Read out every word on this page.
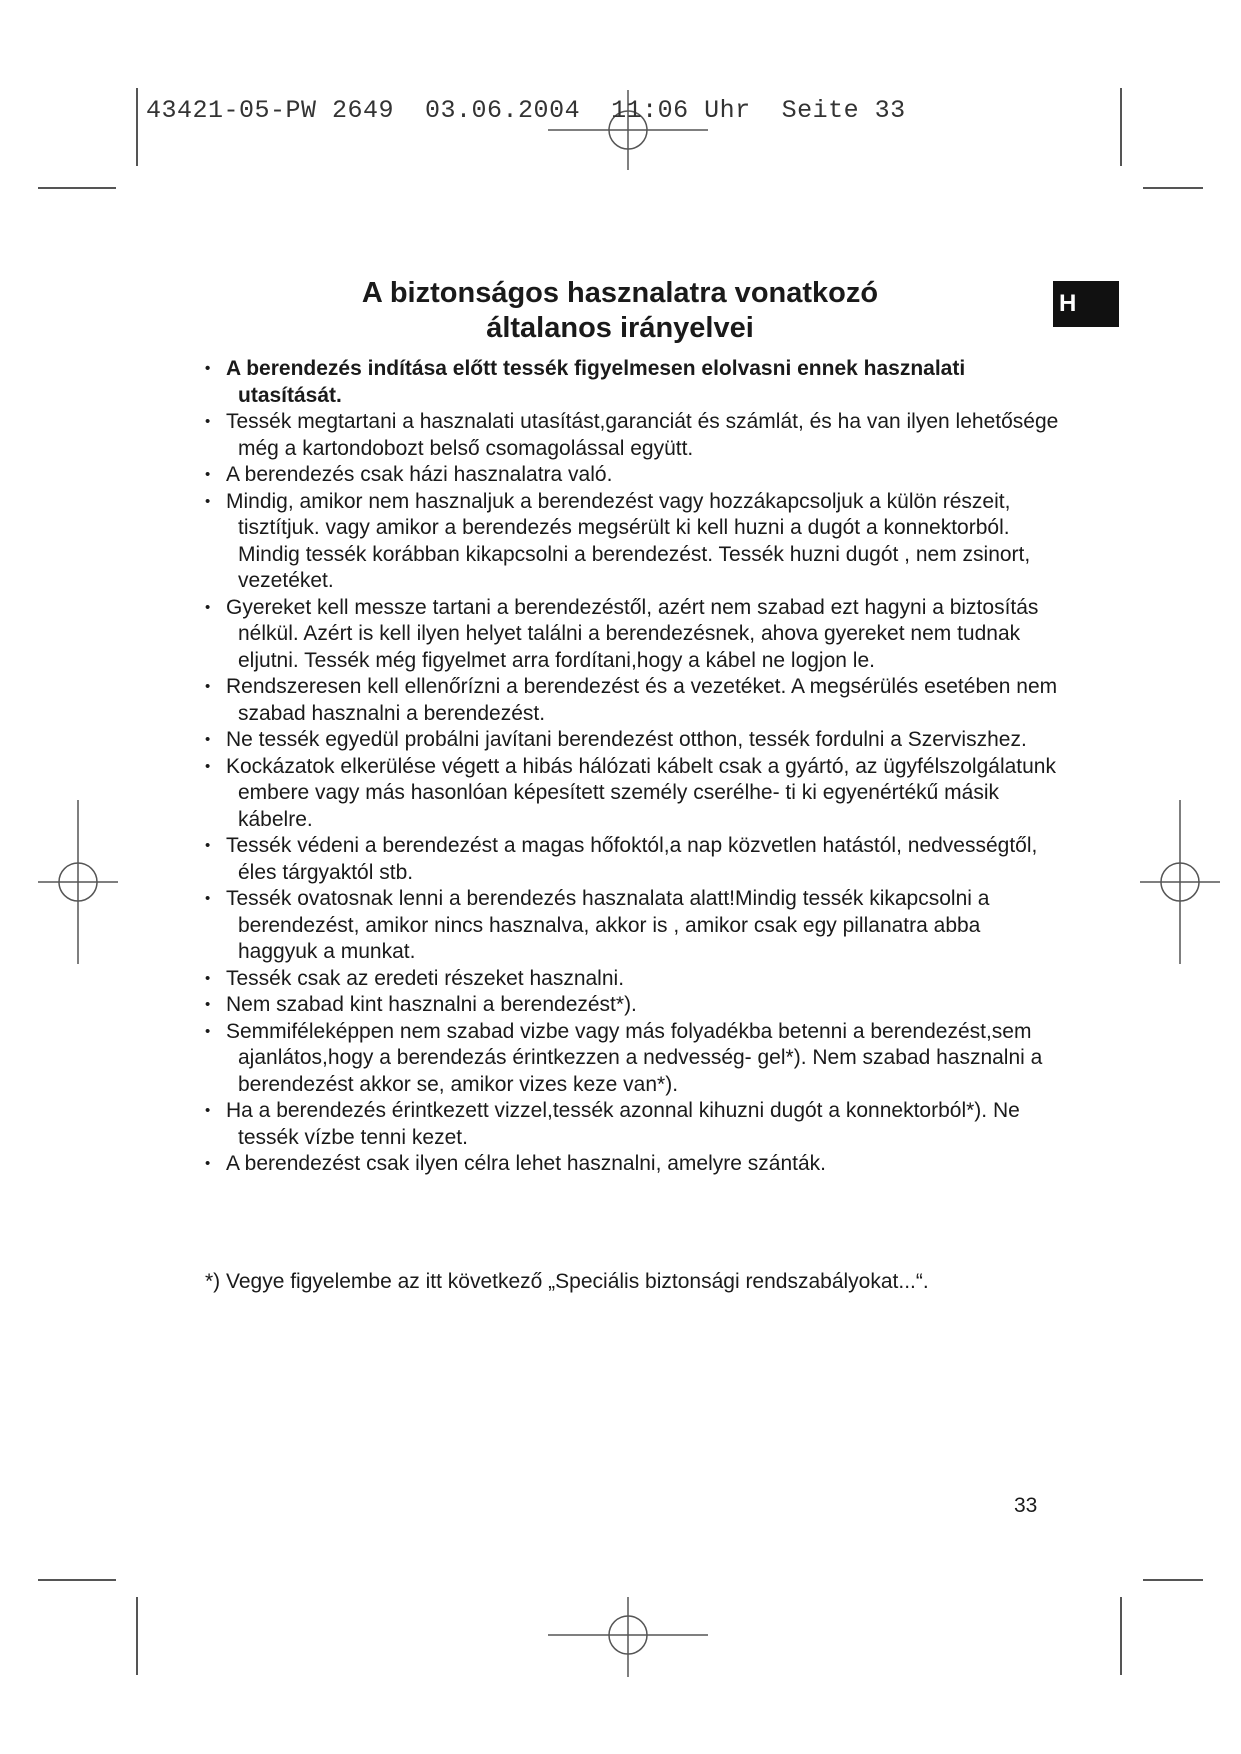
43421-05-PW 2649  03.06.2004  11:06 Uhr  Seite 33
H
A biztonságos hasznalatra vonatkozó
általanos irányelvei
• A berendezés indítása előtt tessék figyelmesen elolvasni ennek hasznalati utasítását.
• Tessék megtartani a hasznalati utasítást,garanciát és számlát, és ha van ilyen lehetősége még a kartondobozt belső csomagolással együtt.
• A berendezés csak házi hasznalatra való.
• Mindig, amikor nem hasznaljuk a berendezést vagy hozzákapcsoljuk a külön részeit, tisztítjuk. vagy amikor a berendezés megsérült ki kell huzni a dugót a konnektorból. Mindig tessék korábban kikapcsolni a berendezést. Tessék huzni dugót , nem zsinort, vezetéket.
• Gyereket kell messze tartani a berendezéstől, azért nem szabad ezt hagyni a biztosítás nélkül. Azért is kell ilyen helyet találni a berendezésnek, ahova gyereket nem tudnak eljutni. Tessék még figyelmet arra fordítani,hogy a kábel ne logjon le.
• Rendszeresen kell ellenőrízni a berendezést és a vezetéket. A megsérülés esetében nem szabad hasznalni a berendezést.
• Ne tessék egyedül probálni javítani berendezést otthon, tessék fordulni a Szerviszhez.
• Kockázatok elkerülése végett a hibás hálózati kábelt csak a gyártó, az ügyfélszolgálatunk embere vagy más hasonlóan képesített személy cserélhe- ti ki egyenértékű másik kábelre.
• Tessék védeni a berendezést a magas hőfoktól,a nap közvetlen hatástól, nedvességtől, éles tárgyaktól stb.
• Tessék ovatosnak lenni a berendezés hasznalata alatt!Mindig tessék kikapcsolni a berendezést, amikor nincs hasznalva, akkor is , amikor csak egy pillanatra abba haggyuk a munkat.
• Tessék csak az eredeti részeket hasznalni.
• Nem szabad kint hasznalni a berendezést*).
• Semmiféleképpen nem szabad vizbe vagy más folyadékba betenni a berendezést,sem ajanlátos,hogy a berendezás érintkezzen a nedvesség- gel*). Nem szabad hasznalni a berendezést akkor se, amikor vizes keze van*).
• Ha a berendezés érintkezett vizzel,tessék azonnal kihuzni dugót a konnektorból*). Ne tessék vízbe tenni kezet.
• A berendezést csak ilyen célra lehet hasznalni, amelyre szánták.
*) Vegye figyelembe az itt következő „Speciális biztonsági rendszabályokat...“.
33
